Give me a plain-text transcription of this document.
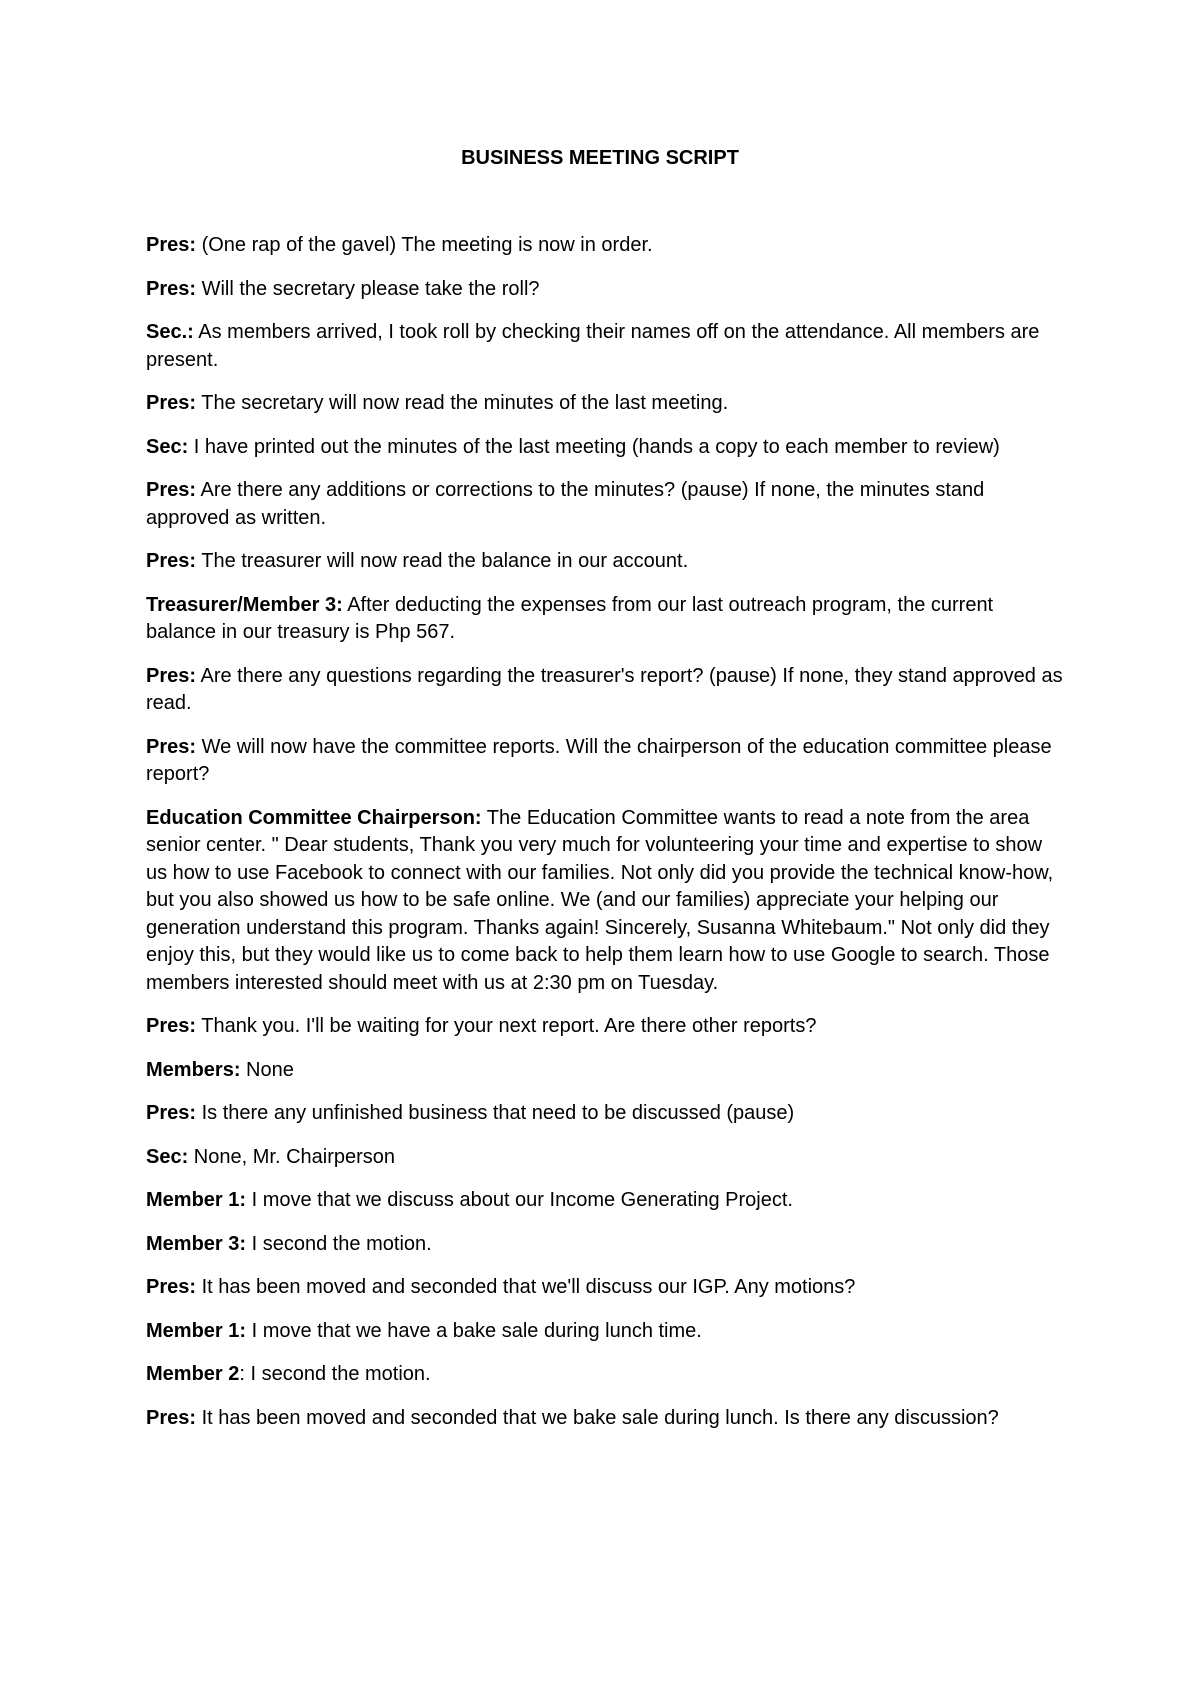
BUSINESS MEETING SCRIPT

Pres: (One rap of the gavel) The meeting is now in order.

Pres: Will the secretary please take the roll?

Sec.: As members arrived, I took roll by checking their names off on the attendance. All members are present.

Pres: The secretary will now read the minutes of the last meeting.

Sec: I have printed out the minutes of the last meeting (hands a copy to each member to review)

Pres: Are there any additions or corrections to the minutes? (pause) If none, the minutes stand approved as written.

Pres: The treasurer will now read the balance in our account.

Treasurer/Member 3: After deducting the expenses from our last outreach program, the current balance in our treasury is Php 567.

Pres: Are there any questions regarding the treasurer's report? (pause) If none, they stand approved as read.

Pres: We will now have the committee reports. Will the chairperson of the education committee please report?

Education Committee Chairperson: The Education Committee wants to read a note from the area senior center. " Dear students, Thank you very much for volunteering your time and expertise to show us how to use Facebook to connect with our families. Not only did you provide the technical know-how, but you also showed us how to be safe online. We (and our families) appreciate your helping our generation understand this program. Thanks again! Sincerely, Susanna Whitebaum." Not only did they enjoy this, but they would like us to come back to help them learn how to use Google to search. Those members interested should meet with us at 2:30 pm on Tuesday.

Pres: Thank you. I'll be waiting for your next report. Are there other reports?

Members: None

Pres: Is there any unfinished business that need to be discussed (pause)

Sec: None, Mr. Chairperson

Member 1: I move that we discuss about our Income Generating Project.

Member 3: I second the motion.

Pres: It has been moved and seconded that we'll discuss our IGP. Any motions?

Member 1: I move that we have a bake sale during lunch time.

Member 2: I second the motion.

Pres: It has been moved and seconded that we bake sale during lunch. Is there any discussion?
